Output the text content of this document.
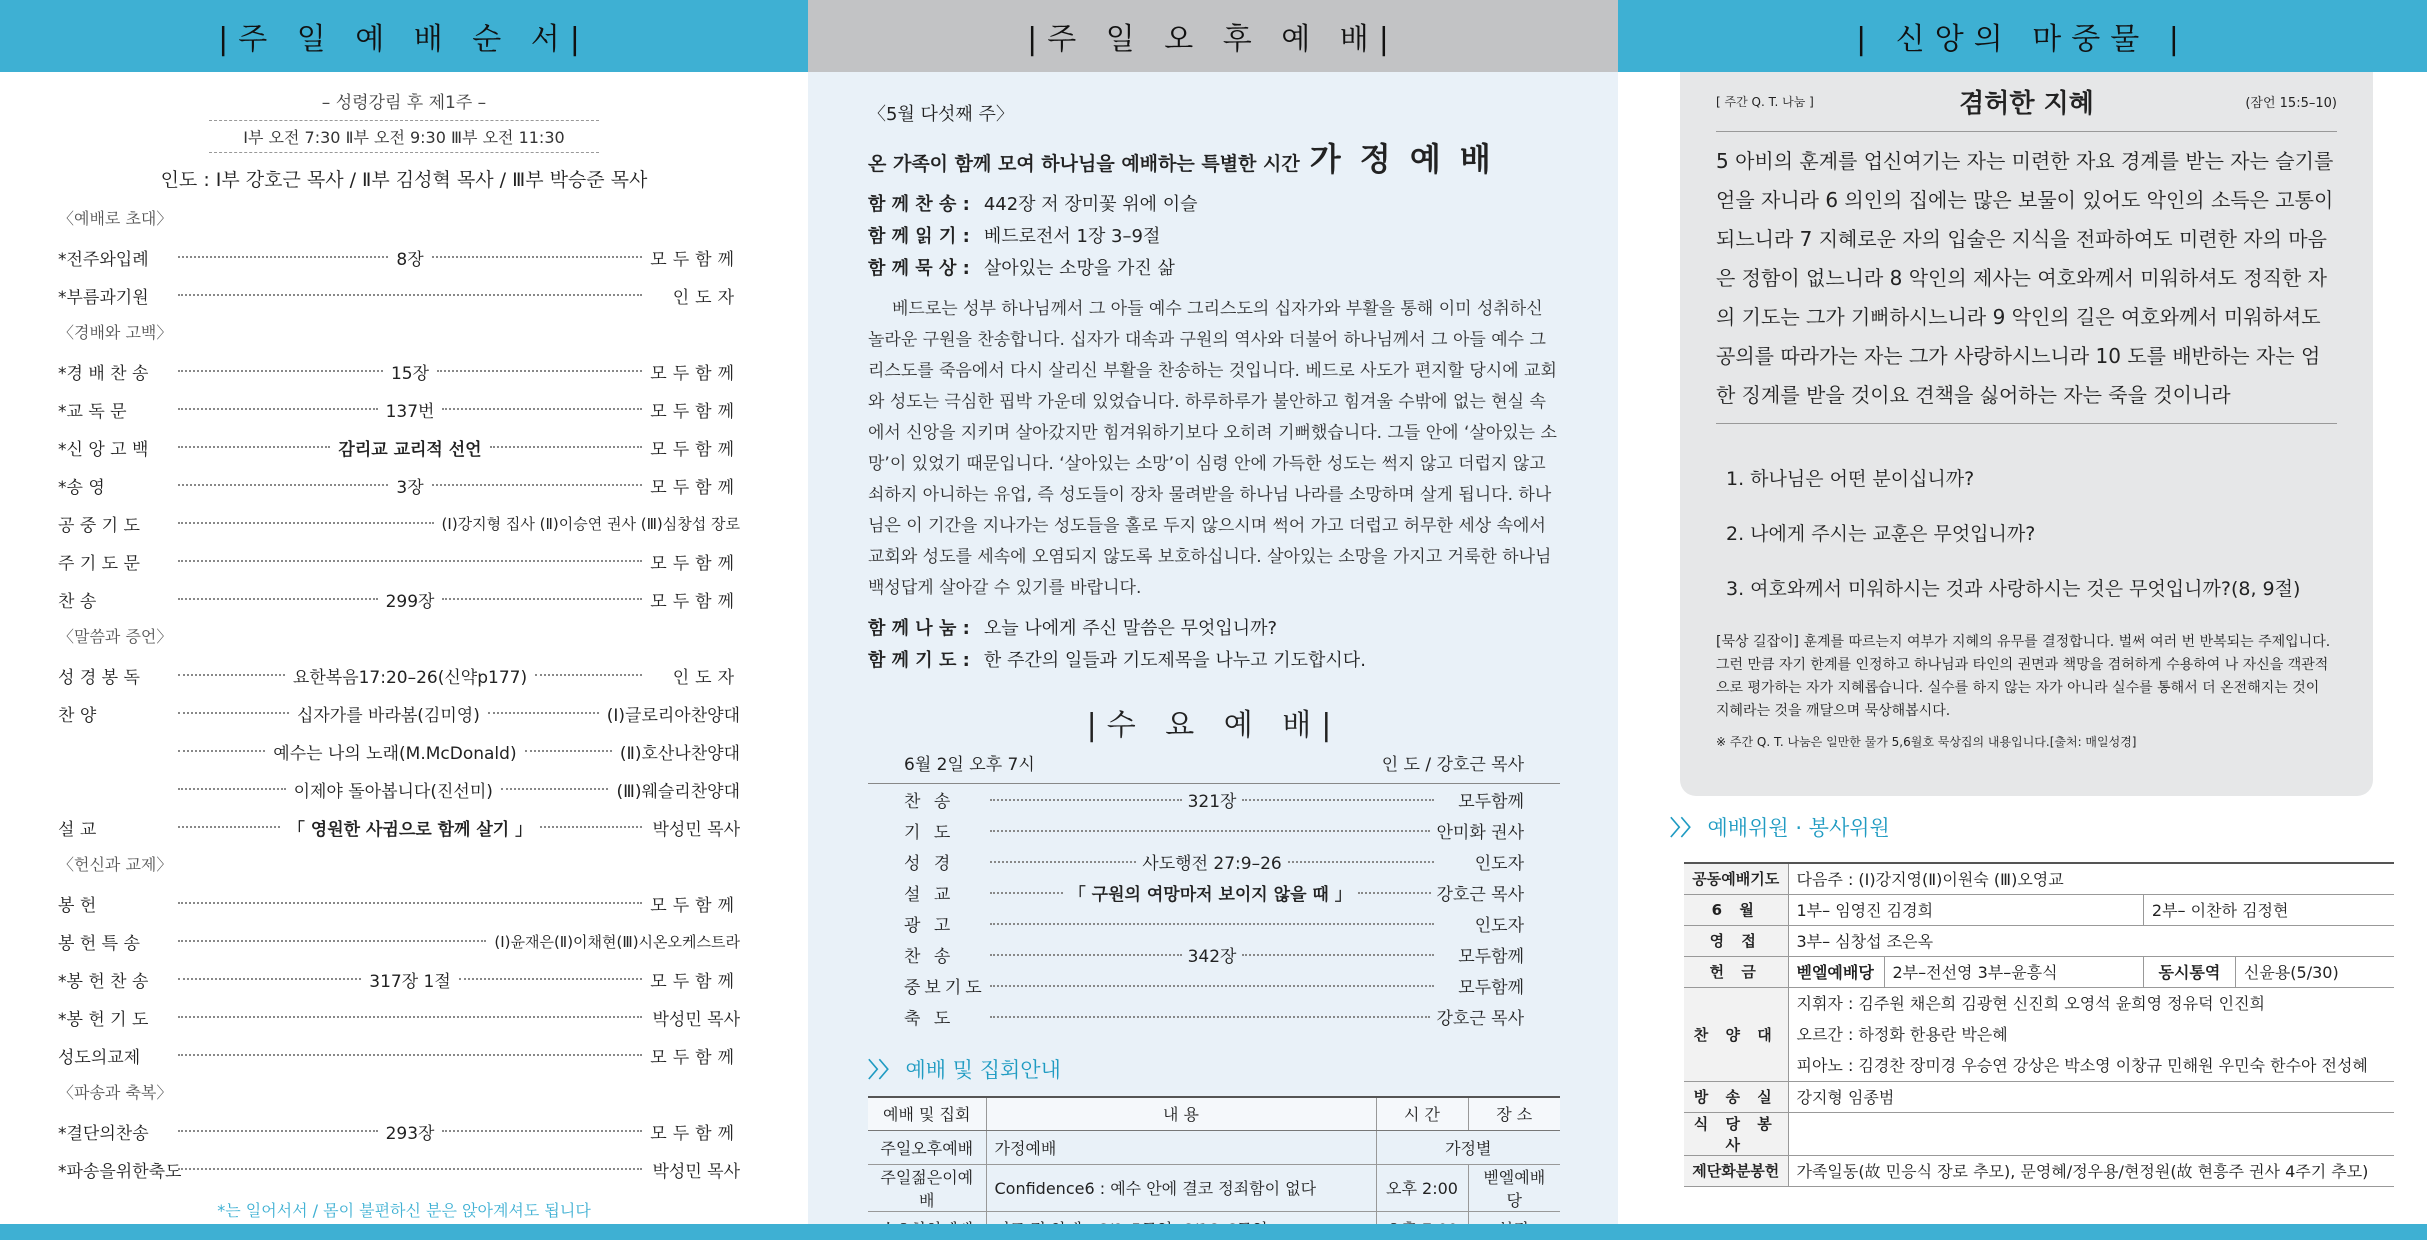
|주 일 예 배 순 서|
– 성령강림 후 제1주 –
Ⅰ부 오전 7:30 Ⅱ부 오전 9:30 Ⅲ부 오전 11:30
인도 : Ⅰ부 강호근 목사 / Ⅱ부 김성혁 목사 / Ⅲ부 박승준 목사
〈예배로 초대〉
*전주와입례	8장	모두함께
*부름과기원	인도자
〈경배와 고백〉
*경 배 찬 송	15장	모두함께
*교 독 문	137번	모두함께
*신 앙 고 백	감리교 교리적 선언	모두함께
*송 영	3장	모두함께
공 중 기 도	(Ⅰ)강지형 집사 (Ⅱ)이승연 권사 (Ⅲ)심창섭 장로
주 기 도 문	모두함께
찬 송	299장	모두함께
〈말씀과 증언〉
성 경 봉 독	요한복음17:20–26(신약p177)	인도자
찬 양	십자가를 바라봄(김미영)	(Ⅰ)글로리아찬양대
예수는 나의 노래(M.McDonald)	(Ⅱ)호산나찬양대
이제야 돌아봅니다(진선미)	(Ⅲ)웨슬리찬양대
설 교	「 영원한 사귐으로 함께 살기 」	박성민 목사
〈헌신과 교제〉
봉 헌	모두함께
봉 헌 특 송	(Ⅰ)윤재은(Ⅱ)이채현(Ⅲ)시온오케스트라
*봉 헌 찬 송	317장 1절	모두함께
*봉 헌 기 도	박성민 목사
성도의교제	모두함께
〈파송과 축복〉
*결단의찬송	293장	모두함께
*파송을위한축도	박성민 목사
*는 일어서서 / 몸이 불편하신 분은 앉아계셔도 됩니다
|주 일 오 후 예 배|
〈5월 다섯째 주〉
온 가족이 함께 모여 하나님을 예배하는 특별한 시간 가 정 예 배
함 께 찬 송 : 442장 저 장미꽃 위에 이슬
함 께 읽 기 : 베드로전서 1장 3–9절
함 께 묵 상 : 살아있는 소망을 가진 삶
베드로는 성부 하나님께서 그 아들 예수 그리스도의 십자가와 부활을 통해 이미 성취하신 놀라운 구원을 찬송합니다. 십자가 대속과 구원의 역사와 더불어 하나님께서 그 아들 예수 그리스도를 죽음에서 다시 살리신 부활을 찬송하는 것입니다. 베드로 사도가 편지할 당시에 교회와 성도는 극심한 핍박 가운데 있었습니다. 하루하루가 불안하고 힘겨울 수밖에 없는 현실 속에서 신앙을 지키며 살아갔지만 힘겨워하기보다 오히려 기뻐했습니다. 그들 안에 ‘살아있는 소망’이 있었기 때문입니다. ‘살아있는 소망’이 심령 안에 가득한 성도는 썩지 않고 더럽지 않고 쇠하지 아니하는 유업, 즉 성도들이 장차 물려받을 하나님 나라를 소망하며 살게 됩니다. 하나님은 이 기간을 지나가는 성도들을 홀로 두지 않으시며 썩어 가고 더럽고 허무한 세상 속에서 교회와 성도를 세속에 오염되지 않도록 보호하십니다. 살아있는 소망을 가지고 거룩한 하나님 백성답게 살아갈 수 있기를 바랍니다.
함 께 나 눔 : 오늘 나에게 주신 말씀은 무엇입니까?
함 께 기 도 : 한 주간의 일들과 기도제목을 나누고 기도합시다.
|수 요 예 배|
6월 2일 오후 7시	인 도 / 강호근 목사
찬 송	321장	모두함께
기 도	안미화 권사
성 경	사도행전 27:9–26	인도자
설 교	「 구원의 여망마저 보이지 않을 때 」	강호근 목사
광 고	인도자
찬 송	342장	모두함께
중보기도	모두함께
축 도	강호근 목사
〉〉 예배 및 집회안내
예배 및 집회	내 용	시 간	장 소
주일오후예배	가정예배	가정별	
주일젊은이예배	Confidence6 : 예수 안에 결코 정죄함이 없다	오후 2:00	벧엘예배당

| 신앙의 마중물 |
[ 주간 Q. T. 나눔 ]	겸허한 지혜	(잠언 15:5–10)
5 아비의 훈계를 업신여기는 자는 미련한 자요 경계를 받는 자는 슬기를 얻을 자니라 6 의인의 집에는 많은 보물이 있어도 악인의 소득은 고통이 되느니라 7 지혜로운 자의 입술은 지식을 전파하여도 미련한 자의 마음은 정함이 없느니라 8 악인의 제사는 여호와께서 미워하셔도 정직한 자의 기도는 그가 기뻐하시느니라 9 악인의 길은 여호와께서 미워하셔도 공의를 따라가는 자는 그가 사랑하시느니라 10 도를 배반하는 자는 엄한 징계를 받을 것이요 견책을 싫어하는 자는 죽을 것이니라
1. 하나님은 어떤 분이십니까?
2. 나에게 주시는 교훈은 무엇입니까?
3. 여호와께서 미워하시는 것과 사랑하시는 것은 무엇입니까?(8, 9절)
[묵상 길잡이] 훈계를 따르는지 여부가 지혜의 유무를 결정합니다. 벌써 여러 번 반복되는 주제입니다. 그런 만큼 자기 한계를 인정하고 하나님과 타인의 권면과 책망을 겸허하게 수용하여 나 자신을 객관적으로 평가하는 자가 지혜롭습니다. 실수를 하지 않는 자가 아니라 실수를 통해서 더 온전해지는 것이 지혜라는 것을 깨달으며 묵상해봅시다.
※ 주간 Q. T. 나눔은 일만한 물가 5,6월호 묵상집의 내용입니다.[출처: 매일성경]
〉〉 예배위원 · 봉사위원
공동예배기도	다음주 : (Ⅰ)강지영(Ⅱ)이원숙 (Ⅲ)오영교			
6 월	1부– 임영진 김경희		2부– 이찬하 김정현	
영 접	3부– 심창섭 조은옥			
헌 금	벧엘예배당	2부–전선영 3부–윤흥식	동시통역	신윤용(5/30)
찬 양 대	지휘자 : 김주원 채은희 김광현 신진희 오영석 윤희영 정유덕 인진희
오르간 : 하정화 한용란 박은혜
피아노 : 김경찬 장미경 우승연 강상은 박소영 이창규 민해원 우민숙 한수아 전성혜			

방 송 실	강지형 임종범			
식 당 봉 사				
제단화분봉헌	가족일동(故 민응식 장로 추모), 문영혜/정우용/현정원(故 현흥주 권사 4주기 추모)			
